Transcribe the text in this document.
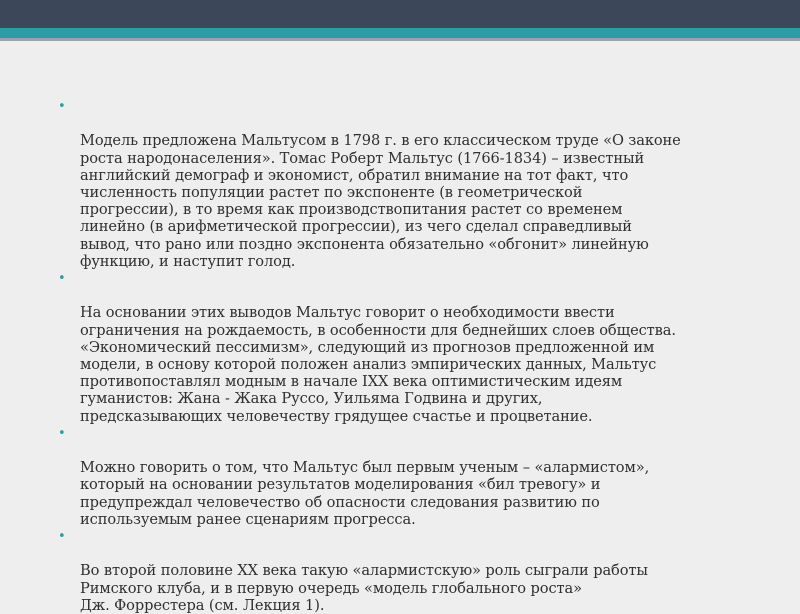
•

Модель предложена Мальтусом в 1798 г. в его классическом труде «О законе
роста народонаселения». Томас Роберт Мальтус (1766-1834) – известный
английский демограф и экономист, обратил внимание на тот факт, что
численность популяции растет по экспоненте (в геометрической
прогрессии), в то время как производствопитания растет со временем
линейно (в арифметической прогрессии), из чего сделал справедливый
вывод, что рано или поздно экспонента обязательно «обгонит» линейную
функцию, и наступит голод.

•

На основании этих выводов Мальтус говорит о необходимости ввести
ограничения на рождаемость, в особенности для беднейших слоев общества.
«Экономический пессимизм», следующий из прогнозов предложенной им
модели, в основу которой положен анализ эмпирических данных, Мальтус
противопоставлял модным в начале IХХ века оптимистическим идеям
гуманистов: Жана - Жака Руссо, Уильяма Годвина и других,
предсказывающих человечеству грядущее счастье и процветание.

•

Можно говорить о том, что Мальтус был первым ученым – «алармистом»,
который на основании результатов моделирования «бил тревогу» и
предупреждал человечество об опасности следования развитию по
используемым ранее сценариям прогресса.

•

Во второй половине ХХ века такую «алармистскую» роль сыграли работы
Римского клуба, и в первую очередь «модель глобального роста»
Дж. Форрестера (см. Лекция 1).
